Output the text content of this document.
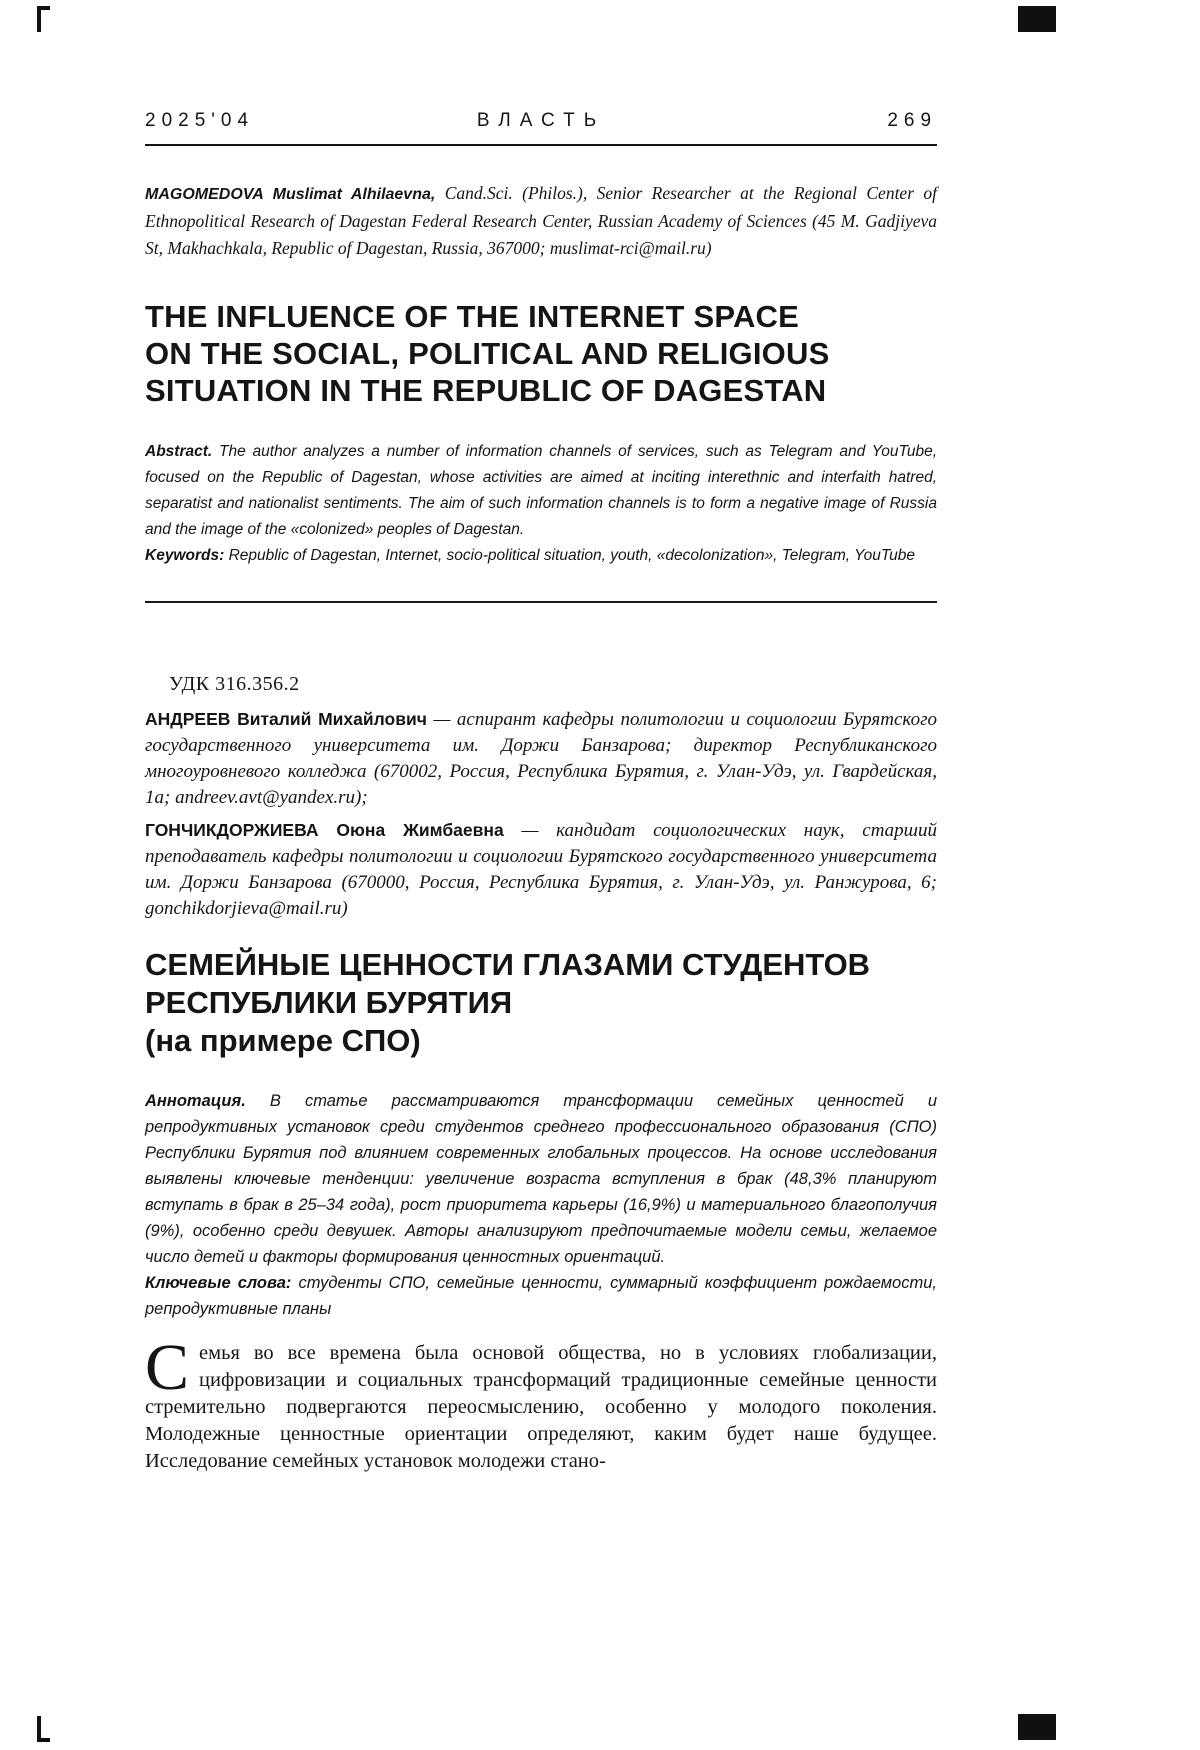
2025'04	ВЛАСТЬ	269

MAGOMEDOVA Muslimat Alhilaevna, Cand.Sci. (Philos.), Senior Researcher at the Regional Center of Ethnopolitical Research of Dagestan Federal Research Center, Russian Academy of Sciences (45 M. Gadjiyeva St, Makhachkala, Republic of Dagestan, Russia, 367000; muslimat-rci@mail.ru)

THE INFLUENCE OF THE INTERNET SPACE
ON THE SOCIAL, POLITICAL AND RELIGIOUS
SITUATION IN THE REPUBLIC OF DAGESTAN

Abstract. The author analyzes a number of information channels of services, such as Telegram and YouTube, focused on the Republic of Dagestan, whose activities are aimed at inciting interethnic and interfaith hatred, separatist and nationalist sentiments. The aim of such information channels is to form a negative image of Russia and the image of the «colonized» peoples of Dagestan.

Keywords: Republic of Dagestan, Internet, socio-political situation, youth, «decolonization», Telegram, YouTube

УДК 316.356.2

АНДРЕЕВ Виталий Михайлович — аспирант кафедры политологии и социологии Бурятского государственного университета им. Доржи Банзарова; директор Республиканского многоуровневого колледжа (670002, Россия, Республика Бурятия, г. Улан-Удэ, ул. Гвардейская, 1а; andreev.avt@yandex.ru);

ГОНЧИКДОРЖИЕВА Оюна Жимбаевна — кандидат социологических наук, старший преподаватель кафедры политологии и социологии Бурятского государственного университета им. Доржи Банзарова (670000, Россия, Республика Бурятия, г. Улан-Удэ, ул. Ранжурова, 6; gonchikdorjieva@mail.ru)

СЕМЕЙНЫЕ ЦЕННОСТИ ГЛАЗАМИ СТУДЕНТОВ
РЕСПУБЛИКИ БУРЯТИЯ
(на примере СПО)

Аннотация. В статье рассматриваются трансформации семейных ценностей и репродуктивных установок среди студентов среднего профессионального образования (СПО) Республики Бурятия под влиянием современных глобальных процессов. На основе исследования выявлены ключевые тенденции: увеличение возраста вступления в брак (48,3% планируют вступать в брак в 25–34 года), рост приоритета карьеры (16,9%) и материального благополучия (9%), особенно среди девушек. Авторы анализируют предпочитаемые модели семьи, желаемое число детей и факторы формирования ценностных ориентаций.

Ключевые слова: студенты СПО, семейные ценности, суммарный коэффициент рождаемости, репродуктивные планы

Семья во все времена была основой общества, но в условиях глобализации, цифровизации и социальных трансформаций традиционные семейные ценности стремительно подвергаются переосмыслению, особенно у молодого поколения. Молодежные ценностные ориентации определяют, каким будет наше будущее. Исследование семейных установок молодежи стано-
